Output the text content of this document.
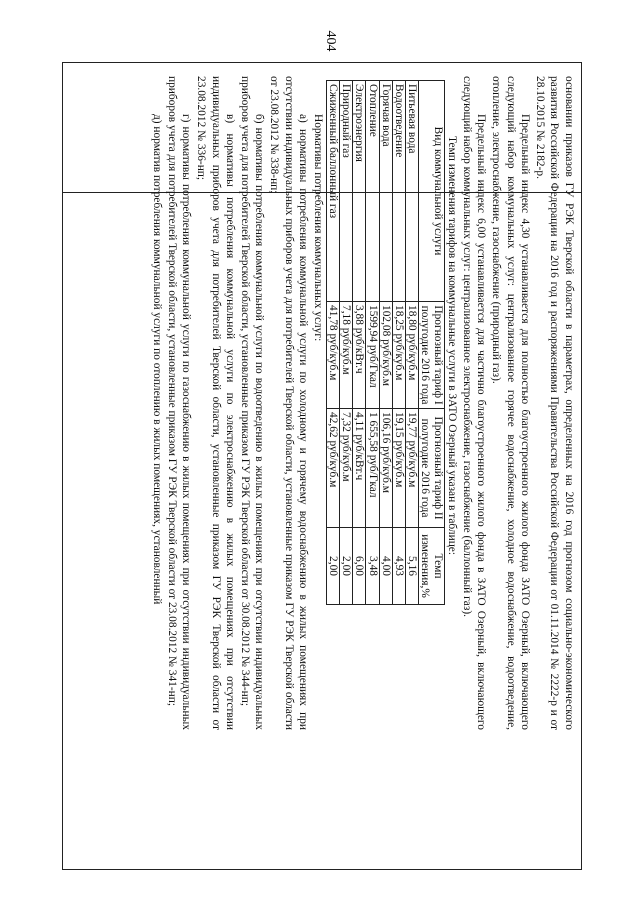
404

основании приказов ГУ РЭК Тверской области в параметрах, определенных на 2016 год прогнозом социально-экономического развития Российской Федерации на 2016 год и распоряжениями Правительства Российской Федерации от 01.11.2014 № 2222-р и от 28.10.2015 № 2182-р.

Предельный индекс 4,30 устанавливается для полностью благоустроенного жилого фонда ЗАТО Озерный, включающего следующий набор коммунальных услуг: централизованное горячее водоснабжение, холодное водоснабжение, водоотведение, отопление, электроснабжение, газоснабжение (природный газ).

Предельный индекс 6,00 устанавливается для частично благоустроенного жилого фонда в ЗАТО Озерный, включающего следующий набор коммунальных услуг: централизованное электроснабжение, газоснабжение (баллонный газ).

Темп изменения тарифов на коммунальные услуги в ЗАТО Озерный указан в таблице:

Вид коммунальной услуги	Прогнозный тариф I полугодие 2016 года	Прогнозный тариф II полугодие 2016 года	Темп изменения,%
Питьевая вода	18,80 руб/куб.м	19,77 руб/куб.м	5,16
Водоотведение	18,25 руб/куб.м	19,15 руб/куб.м	4,93
Горячая вода	102,08 руб/куб.м	106,16 руб/куб.м	4,00
Отопление	1599,94 руб/Гкал	1 655,58 руб/Гкал	3,48
Электроэнергия	3,88 руб/кВт.ч	4,11 руб/кВт.ч	6,00
Природный газ	7,18 руб/куб.м	7,32 руб/куб.м	2,00
Сжиженный баллонный газ	41,78 руб/куб.м	42,62 руб/куб.м	2,00

Нормативы потребления коммунальных услуг:

а) нормативы потребления коммунальной услуги по холодному и горячему водоснабжению в жилых помещениях при отсутствии индивидуальных приборов учета для потребителей Тверской области, установленные приказом ГУ РЭК Тверской области от 23.08.2012 № 338-нп;

б) нормативы потребления коммунальной услуги по водоотведению в жилых помещениях при отсутствии индивидуальных приборов учета для потребителей Тверской области, установленные приказом ГУ РЭК Тверской области от 30.08.2012 № 344-нп;

в) нормативы потребления коммунальной услуги по электроснабжению в жилых помещениях при отсутствии индивидуальных приборов учета для потребителей Тверской области, установленные приказом ГУ РЭК Тверской области от 23.08.2012 № 336-нп;

г) нормативы потребления коммунальной услуги по газоснабжению в жилых помещениях при отсутствии индивидуальных приборов учета для потребителей Тверской области, установленные приказом ГУ РЭК Тверской области от 23.08.2012 № 341-нп;

д) норматив потребления коммунальной услуги по отоплению в жилых помещениях, установленный
